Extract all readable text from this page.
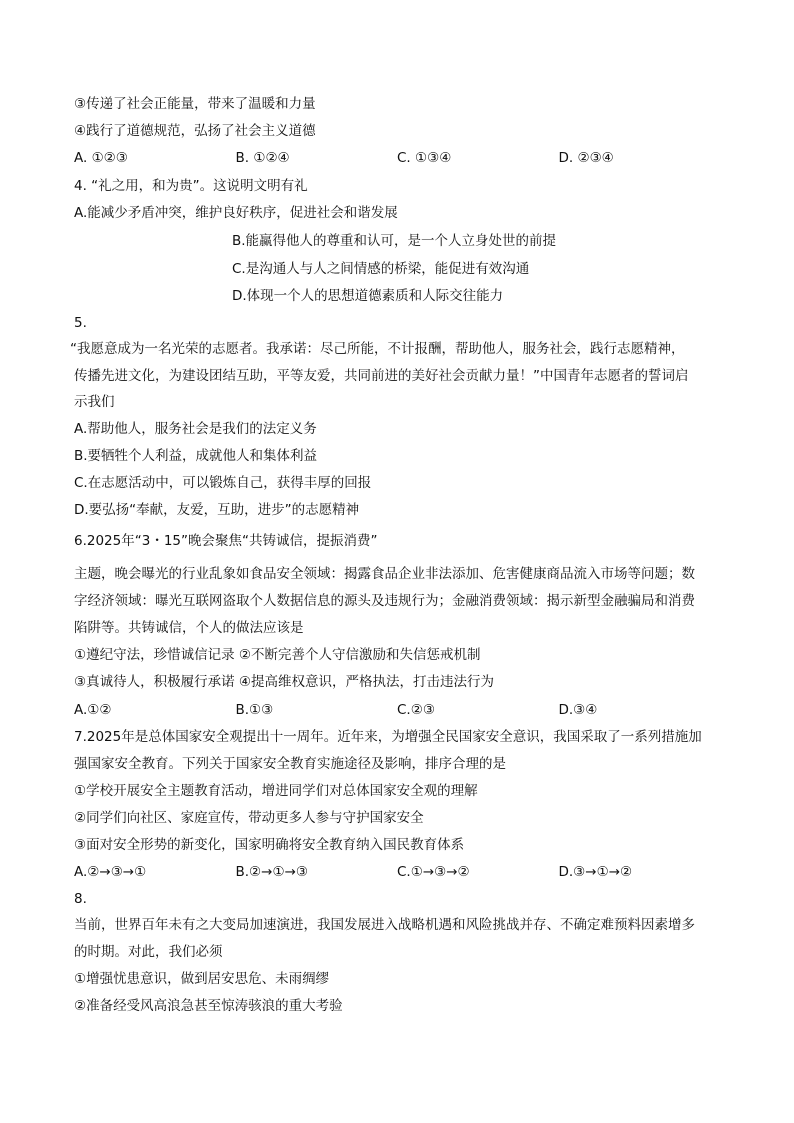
③传递了社会正能量，带来了温暖和力量
④践行了道德规范，弘扬了社会主义道德
A. ①②③	B. ①②④	C. ①③④	D. ②③④
4. “礼之用，和为贵”。这说明文明有礼
A.能减少矛盾冲突，维护良好秩序，促进社会和谐发展
B.能赢得他人的尊重和认可，是一个人立身处世的前提
C.是沟通人与人之间情感的桥梁，能促进有效沟通
D.体现一个人的思想道德素质和人际交往能力
5.
“我愿意成为一名光荣的志愿者。我承诺：尽己所能，不计报酬，帮助他人，服务社会，践行志愿精神，
传播先进文化，为建设团结互助，平等友爱，共同前进的美好社会贡献力量！”中国青年志愿者的誓词启
示我们
A.帮助他人，服务社会是我们的法定义务
B.要牺牲个人利益，成就他人和集体利益
C.在志愿活动中，可以锻炼自己，获得丰厚的回报
D.要弘扬“奉献，友爱，互助，进步”的志愿精神
6.2025年“3・15”晚会聚焦“共铸诚信，提振消费”
主题，晚会曝光的行业乱象如食品安全领域：揭露食品企业非法添加、危害健康商品流入市场等问题；数
字经济领域：曝光互联网盗取个人数据信息的源头及违规行为；金融消费领域：揭示新型金融骗局和消费
陷阱等。共铸诚信，个人的做法应该是
①遵纪守法，珍惜诚信记录 ②不断完善个人守信激励和失信惩戒机制
③真诚待人，积极履行承诺 ④提高维权意识，严格执法，打击违法行为
A.①②	B.①③	C.②③	D.③④
7.2025年是总体国家安全观提出十一周年。近年来，为增强全民国家安全意识，我国采取了一系列措施加
强国家安全教育。下列关于国家安全教育实施途径及影响，排序合理的是
①学校开展安全主题教育活动，增进同学们对总体国家安全观的理解
②同学们向社区、家庭宣传，带动更多人参与守护国家安全
③面对安全形势的新变化，国家明确将安全教育纳入国民教育体系
A.②→③→①	B.②→①→③	C.①→③→②	D.③→①→②
8.
当前，世界百年未有之大变局加速演进，我国发展进入战略机遇和风险挑战并存、不确定难预料因素增多
的时期。对此，我们必须
①增强忧患意识，做到居安思危、未雨绸缪
②准备经受风高浪急甚至惊涛骇浪的重大考验
